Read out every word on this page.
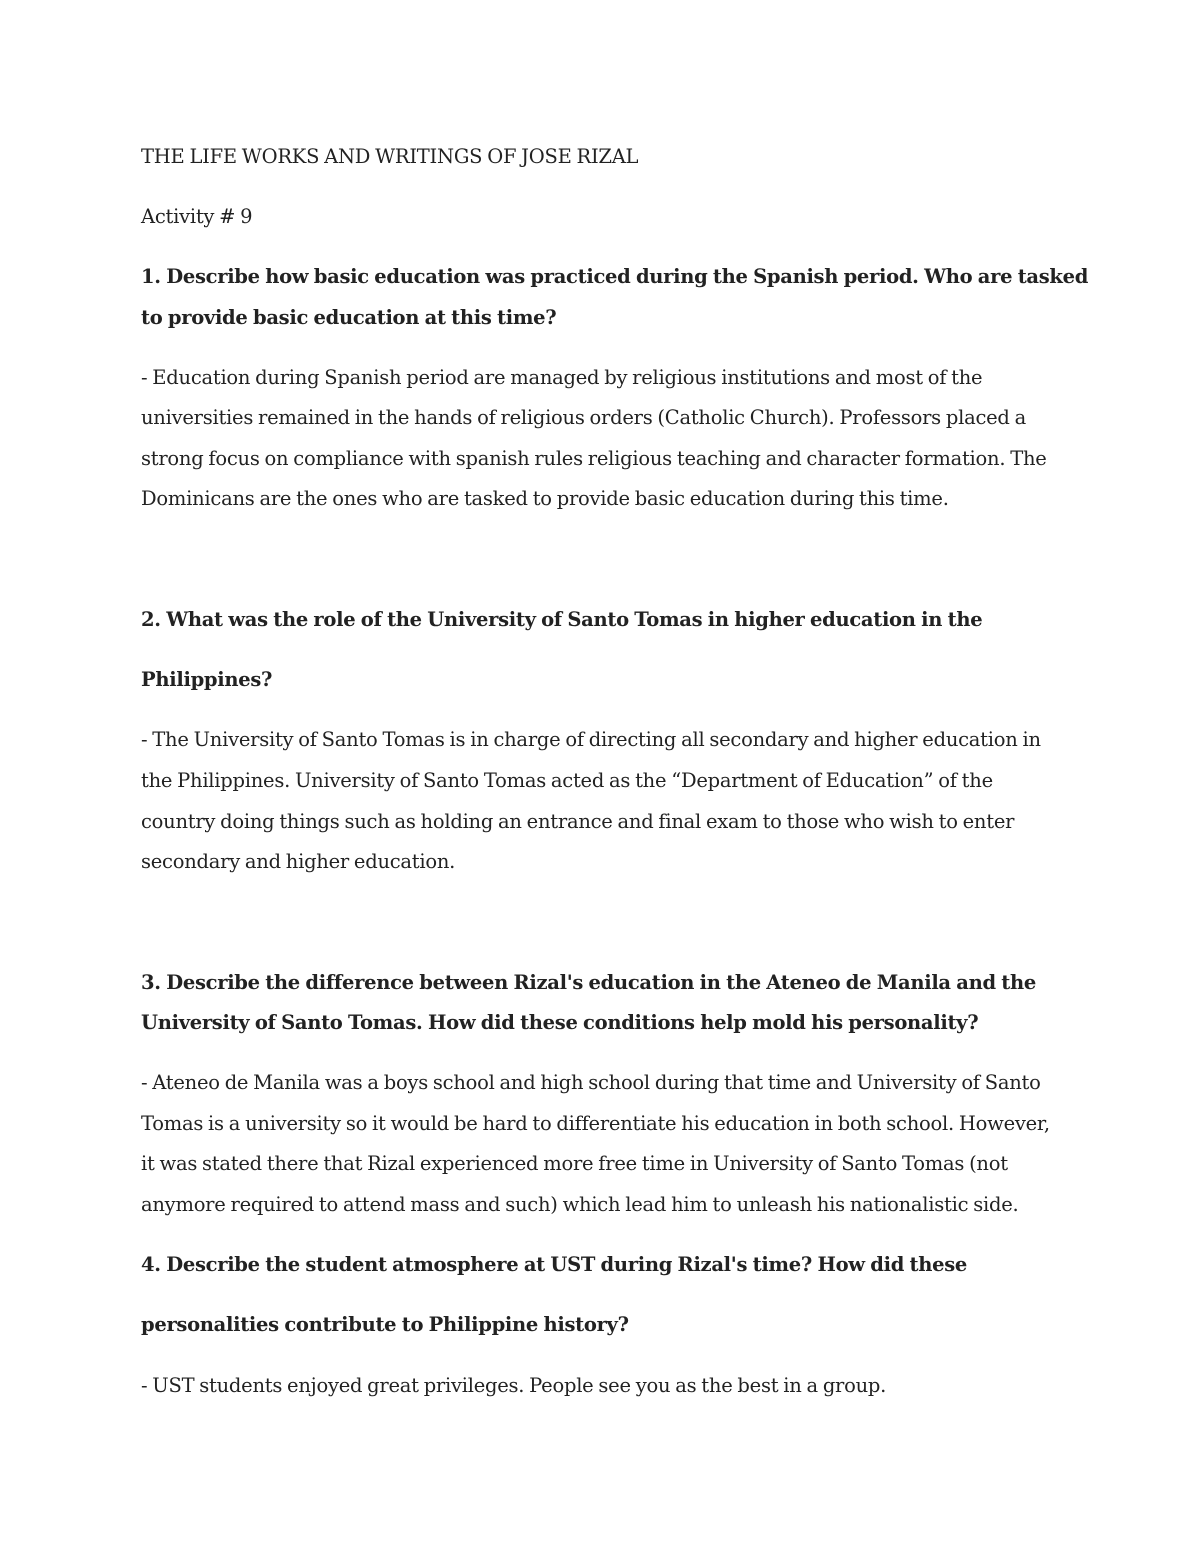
THE LIFE WORKS AND WRITINGS OF JOSE RIZAL

Activity # 9

1. Describe how basic education was practiced during the Spanish period. Who are tasked

to provide basic education at this time?

- Education during Spanish period are managed by religious institutions and most of the

universities remained in the hands of religious orders (Catholic Church). Professors placed a

strong focus on compliance with spanish rules religious teaching and character formation. The

Dominicans are the ones who are tasked to provide basic education during this time.

2. What was the role of the University of Santo Tomas in higher education in the

Philippines?

- The University of Santo Tomas is in charge of directing all secondary and higher education in

the Philippines. University of Santo Tomas acted as the “Department of Education” of the

country doing things such as holding an entrance and final exam to those who wish to enter

secondary and higher education.

3. Describe the difference between Rizal's education in the Ateneo de Manila and the

University of Santo Tomas. How did these conditions help mold his personality?

- Ateneo de Manila was a boys school and high school during that time and University of Santo

Tomas is a university so it would be hard to differentiate his education in both school. However,

it was stated there that Rizal experienced more free time in University of Santo Tomas (not

anymore required to attend mass and such) which lead him to unleash his nationalistic side.

4. Describe the student atmosphere at UST during Rizal's time? How did these

personalities contribute to Philippine history?

- UST students enjoyed great privileges. People see you as the best in a group.
